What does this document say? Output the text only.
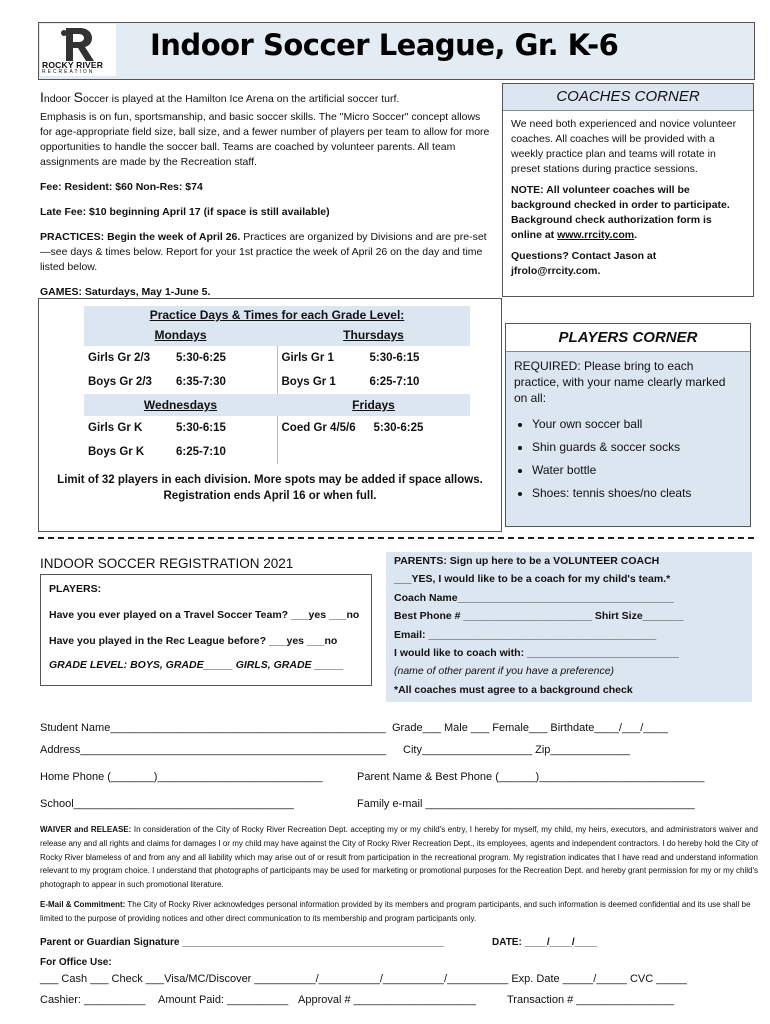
ROCKY RIVER
RECREATION
Indoor Soccer League, Gr. K-6

Indoor Soccer is played at the Hamilton Ice Arena on the artificial soccer turf.

Emphasis is on fun, sportsmanship, and basic soccer skills. The "Micro Soccer" concept allows for age-appropriate field size, ball size, and a fewer number of players per team to allow for more opportunities to handle the soccer ball. Teams are coached by volunteer parents. All team assignments are made by the Recreation staff.

Fee: Resident: $60 Non-Res: $74

Late Fee: $10 beginning April 17 (if space is still available)

PRACTICES: Begin the week of April 26. Practices are organized by Divisions and are pre-set—see days & times below. Report for your 1st practice the week of April 26 on the day and time listed below.

GAMES: Saturdays, May 1-June 5.

COACHES CORNER

We need both experienced and novice volunteer coaches. All coaches will be provided with a weekly practice plan and teams will rotate in preset stations during practice sessions.

NOTE: All volunteer coaches will be background checked in order to participate. Background check authorization form is online at www.rrcity.com.

Questions? Contact Jason at jfrolo@rrcity.com.

Practice Days & Times for each Grade Level:
Mondays	Thursdays
Girls Gr 2/3	5:30-6:25	Girls Gr 1	5:30-6:15
Boys Gr 2/3	6:35-7:30	Boys Gr 1	6:25-7:10
Wednesdays	Fridays
Girls Gr K	5:30-6:15	Coed Gr 4/5/6	5:30-6:25
Boys Gr K	6:25-7:10
Limit of 32 players in each division. More spots may be added if space allows. Registration ends April 16 or when full.
PLAYERS CORNER
REQUIRED: Please bring to each practice, with your name clearly marked on all:
• Your own soccer ball
• Shin guards & soccer socks
• Water bottle
• Shoes: tennis shoes/no cleats
INDOOR SOCCER REGISTRATION 2021
PLAYERS:
Have you ever played on a Travel Soccer Team? ___yes ___no
Have you played in the Rec League before? ___yes ___no
GRADE LEVEL: BOYS, GRADE_____ GIRLS, GRADE _____
PARENTS: Sign up here to be a VOLUNTEER COACH
___YES, I would like to be a coach for my child's team.*
Coach Name_____________________________________
Best Phone # ______________________ Shirt Size_______
Email: _______________________________________
I would like to coach with: __________________________
(name of other parent if you have a preference)
*All coaches must agree to a background check
Student Name_____________________________________________ Grade___ Male ___ Female___ Birthdate____/___/____
Address__________________________________________________ City__________________ Zip_____________
Home Phone (_______)___________________________	Parent Name & Best Phone (______)___________________________
School____________________________________	Family e-mail ____________________________________________
WAIVER and RELEASE: In consideration of the City of Rocky River Recreation Dept. accepting my or my child's entry, I hereby for myself, my child, my heirs, executors, and administrators waiver and release any and all rights and claims for damages I or my child may have against the City of Rocky River Recreation Dept., its employees, agents and independent contractors. I do hereby hold the City of Rocky River blameless of and from any and all liability which may arise out of or result from participation in the recreational program. My registration indicates that I have read and understand information relevant to my program choice. I understand that photographs of participants may be used for marketing or promotional purposes for the Recreation Dept. and hereby grant permission for my or my child's photograph to appear in such promotional literature.
E-Mail & Commitment: The City of Rocky River acknowledges personal information provided by its members and program participants, and such information is deemed confidential and its use shall be limited to the purpose of providing notices and other direct communication to its membership and program participants only.
Parent or Guardian Signature _______________________________________________	DATE: ____/____/____
For Office Use:
___ Cash ___ Check ___Visa/MC/Discover __________/__________/__________/__________ Exp. Date _____/_____ CVC _____
Cashier: __________ Amount Paid: __________ Approval # ____________________	Transaction # ________________
